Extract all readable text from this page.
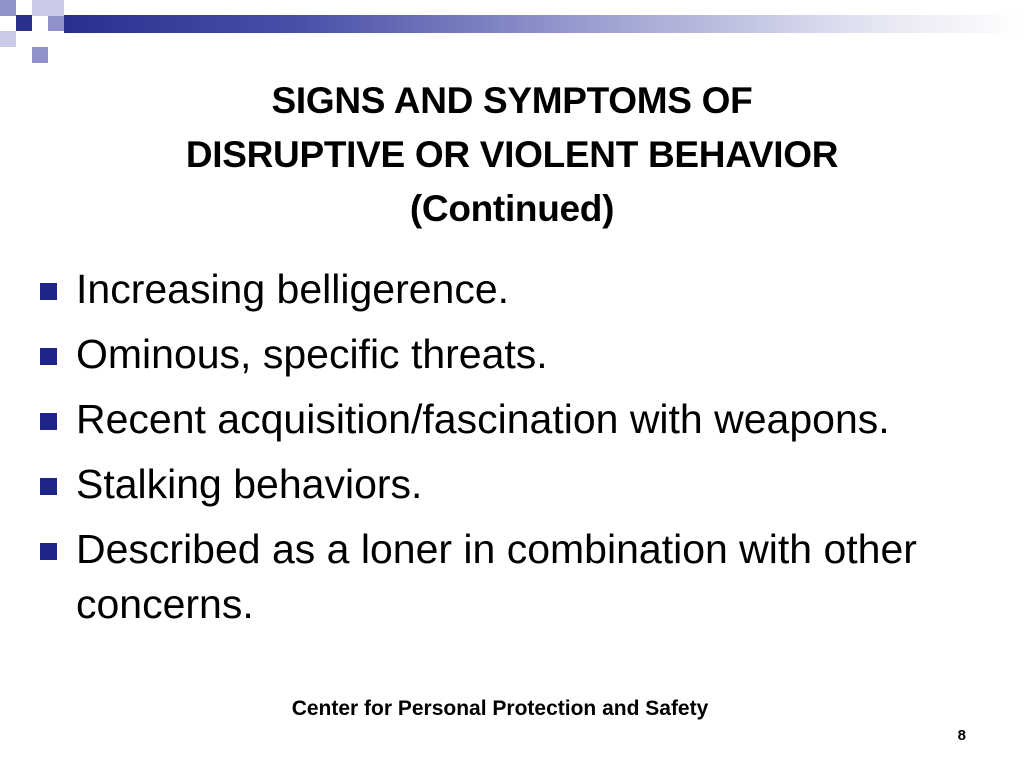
SIGNS AND SYMPTOMS OF
DISRUPTIVE OR VIOLENT BEHAVIOR
(Continued)
Increasing belligerence.
Ominous, specific threats.
Recent acquisition/fascination with weapons.
Stalking behaviors.
Described as a loner in combination with other concerns.
Center for Personal Protection and Safety
8
